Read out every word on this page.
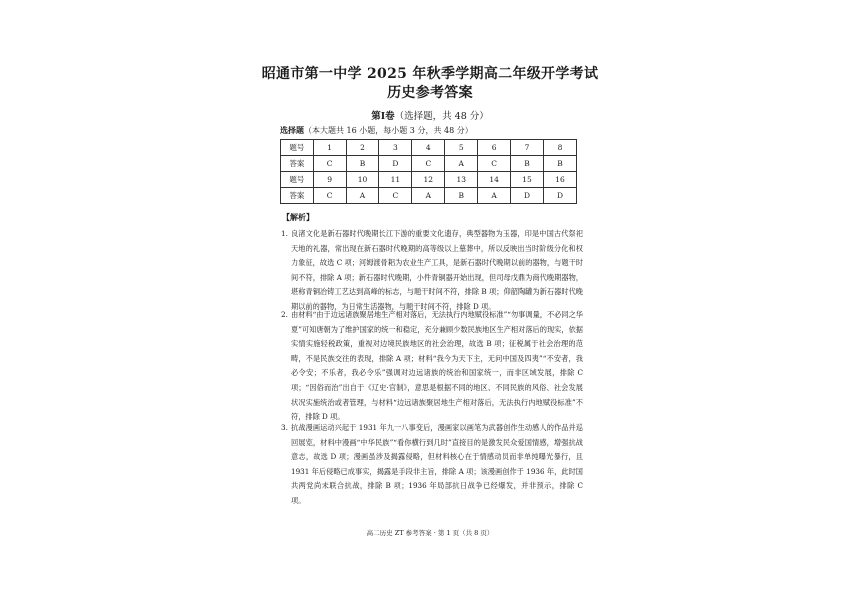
昭通市第一中学 2025 年秋季学期高二年级开学考试
历史参考答案
第Ⅰ卷（选择题，共 48 分）
选择题（本大题共 16 小题，每小题 3 分，共 48 分）
题号	1	2	3	4	5	6	7	8
答案	C	B	D	C	A	C	B	B
题号	9	10	11	12	13	14	15	16
答案	C	A	C	A	B	A	D	D
【解析】
1. 良渚文化是新石器时代晚期长江下游的重要文化遗存，典型器物为玉器，印是中国古代祭祀天地的礼器，常出现在新石器时代晚期的高等级以上墓葬中，所以反映出当时阶级分化和权力象征，故选 C 项；河姆渡骨耜为农业生产工具，是新石器时代晚期以前的器物，与题干时间不符，排除 A 项；新石器时代晚期，小件青铜器开始出现，但司母戊鼎为商代晚期器物，堪称青铜冶铸工艺达到高峰的标志，与题干时间不符，排除 B 项；仰韶陶罐为新石器时代晚期以前的器物，为日常生活器物，与题干时间不符，排除 D 项。
2. 由材料“由于边远诸族聚居地生产相对落后，无法执行内地赋役标准”“勿事调量，不必同之华夏”可知唐朝为了维护国家的统一和稳定，充分兼顾少数民族地区生产相对落后的现实，依据实情实施轻税政策，重视对边境民族地区的社会治理，故选 B 项；征税属于社会治理的范畴，不是民族交往的表现，排除 A 项；材料“我今为天下主，无问中国及四夷”“不安者，我必令安；不乐者，我必令乐”强调对边远诸族的统治和国家统一，而非区域发展，排除 C 项；“因俗而治”出自于《辽史·官制》，意思是根据不同的地区、不同民族的风俗、社会发展状况实施统治或者管理，与材料“边远诸族聚居地生产相对落后，无法执行内地赋役标准”不符，排除 D 项。
3. 抗战漫画运动兴起于 1931 年九一八事变后，漫画家以画笔为武器创作生动感人的作品并巡回展览，材料中漫画“中华民族”“看你横行到几时”直接目的是激发民众爱国情感，增强抗战意志，故选 D 项；漫画虽涉及揭露侵略，但材料核心在于情感动员而非单纯曝光暴行，且 1931 年后侵略已成事实，揭露是手段非主旨，排除 A 项；该漫画创作于 1936 年，此时国共两党尚未联合抗战，排除 B 项；1936 年局部抗日战争已经爆发，并非预示，排除 C 项。
高二历史 ZT 参考答案 · 第 1 页（共 8 页）
